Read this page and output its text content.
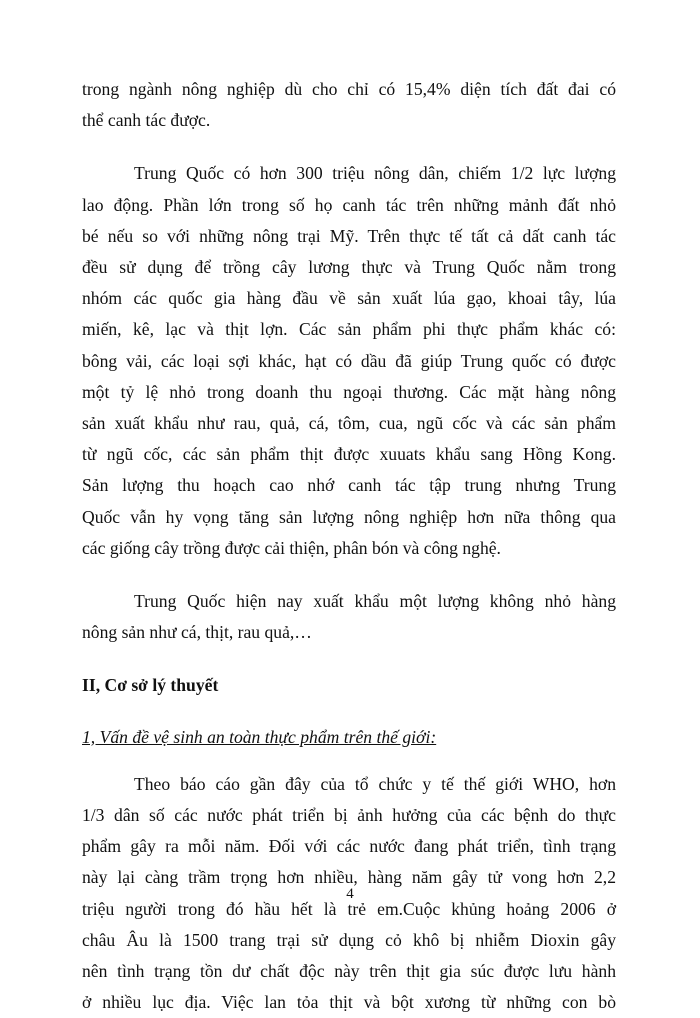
trong ngành nông nghiệp dù cho chỉ có 15,4% diện tích đất đai có
thể canh tác được.
Trung Quốc có hơn 300 triệu nông dân, chiếm 1/2 lực lượng
lao động. Phần lớn trong số họ canh tác trên những mảnh đất nhỏ
bé nếu so với những nông trại Mỹ. Trên thực tế tất cả dất canh tác
đều sử dụng để trồng cây lương thực và Trung Quốc nằm trong
nhóm các quốc gia hàng đầu về sản xuất lúa gạo, khoai tây, lúa
miến, kê, lạc và thịt lợn. Các sản phẩm phi thực phẩm khác có:
bông vải, các loại sợi khác, hạt có dầu đã giúp Trung quốc có được
một tỷ lệ nhỏ trong doanh thu ngoại thương. Các mặt hàng nông
sản xuất khẩu như rau, quả, cá, tôm, cua, ngũ cốc và các sản phẩm
từ ngũ cốc, các sản phẩm thịt được xuuats khẩu sang Hồng Kong.
Sản lượng thu hoạch cao nhớ canh tác tập trung nhưng Trung
Quốc vẫn hy vọng tăng sản lượng nông nghiệp hơn nữa thông qua
các giống cây trồng được cải thiện, phân bón và công nghệ.
Trung Quốc hiện nay xuất khẩu một lượng không nhỏ hàng
nông sản như cá, thịt, rau quả,…
II, Cơ sở lý thuyết
1, Vấn đề vệ sinh an toàn thực phẩm trên thế giới:
Theo báo cáo gần đây của tổ chức y tế thế giới WHO, hơn
1/3 dân số các nước phát triển bị ảnh hưởng của các bệnh do thực
phẩm gây ra mỗi năm. Đối với các nước đang phát triển, tình trạng
này lại càng trầm trọng hơn nhiều, hàng năm gây tử vong hơn 2,2
triệu người trong đó hầu hết là trẻ em.Cuộc khủng hoảng 2006 ở
châu Âu là 1500 trang trại sử dụng cỏ khô bị nhiễm Dioxin gây
nên tình trạng tồn dư chất độc này trên thịt gia súc được lưu hành
ở nhiều lục địa. Việc lan tỏa thịt và bột xương từ những con bò
4
